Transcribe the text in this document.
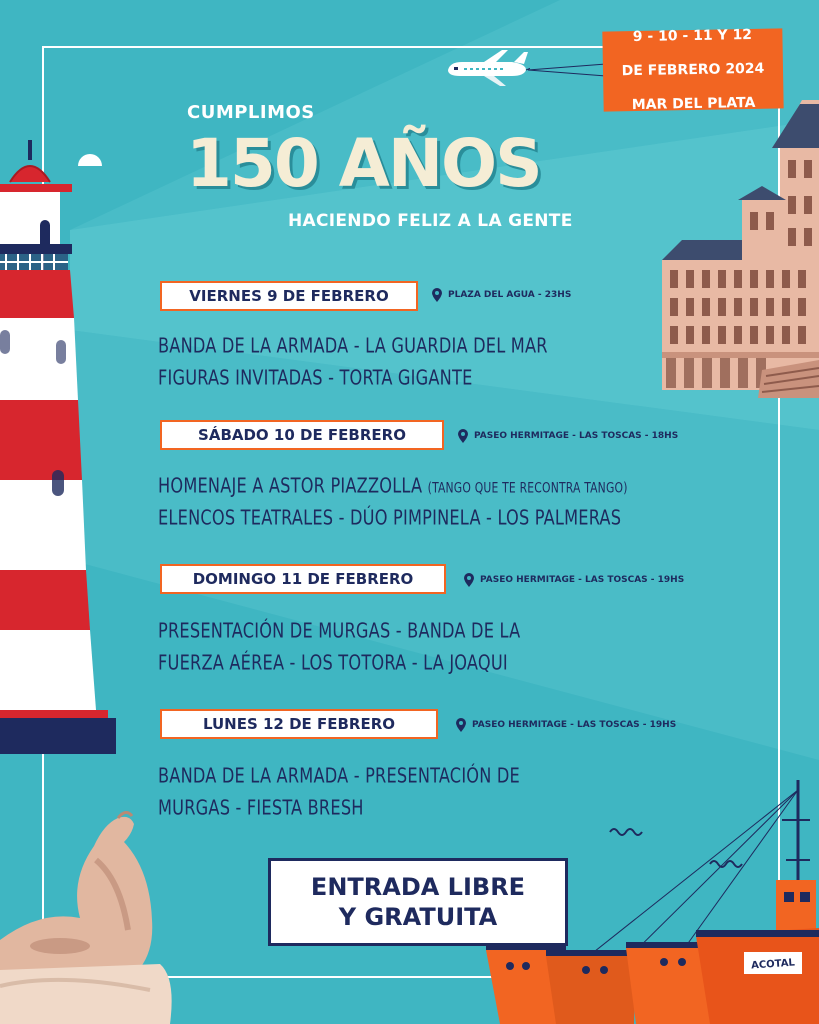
9 - 10 - 11 Y 12

DE FEBRERO 2024

MAR DEL PLATA

CUMPLIMOS
150 AÑOS
HACIENDO FELIZ A LA GENTE
VIERNES 9 DE FEBRERO	PLAZA DEL AGUA - 23HS
BANDA DE LA ARMADA - LA GUARDIA DEL MAR
FIGURAS INVITADAS - TORTA GIGANTE
SÁBADO 10 DE FEBRERO	PASEO HERMITAGE - LAS TOSCAS - 18HS
HOMENAJE A ASTOR PIAZZOLLA (TANGO QUE TE RECONTRA TANGO)
ELENCOS TEATRALES - DÚO PIMPINELA - LOS PALMERAS
DOMINGO 11 DE FEBRERO	PASEO HERMITAGE - LAS TOSCAS - 19HS
PRESENTACIÓN DE MURGAS - BANDA DE LA
FUERZA AÉREA - LOS TOTORA - LA JOAQUI
LUNES 12 DE FEBRERO	PASEO HERMITAGE - LAS TOSCAS - 19HS
BANDA DE LA ARMADA - PRESENTACIÓN DE
MURGAS - FIESTA BRESH
ACOTAL
ENTRADA LIBRE
Y GRATUITA
